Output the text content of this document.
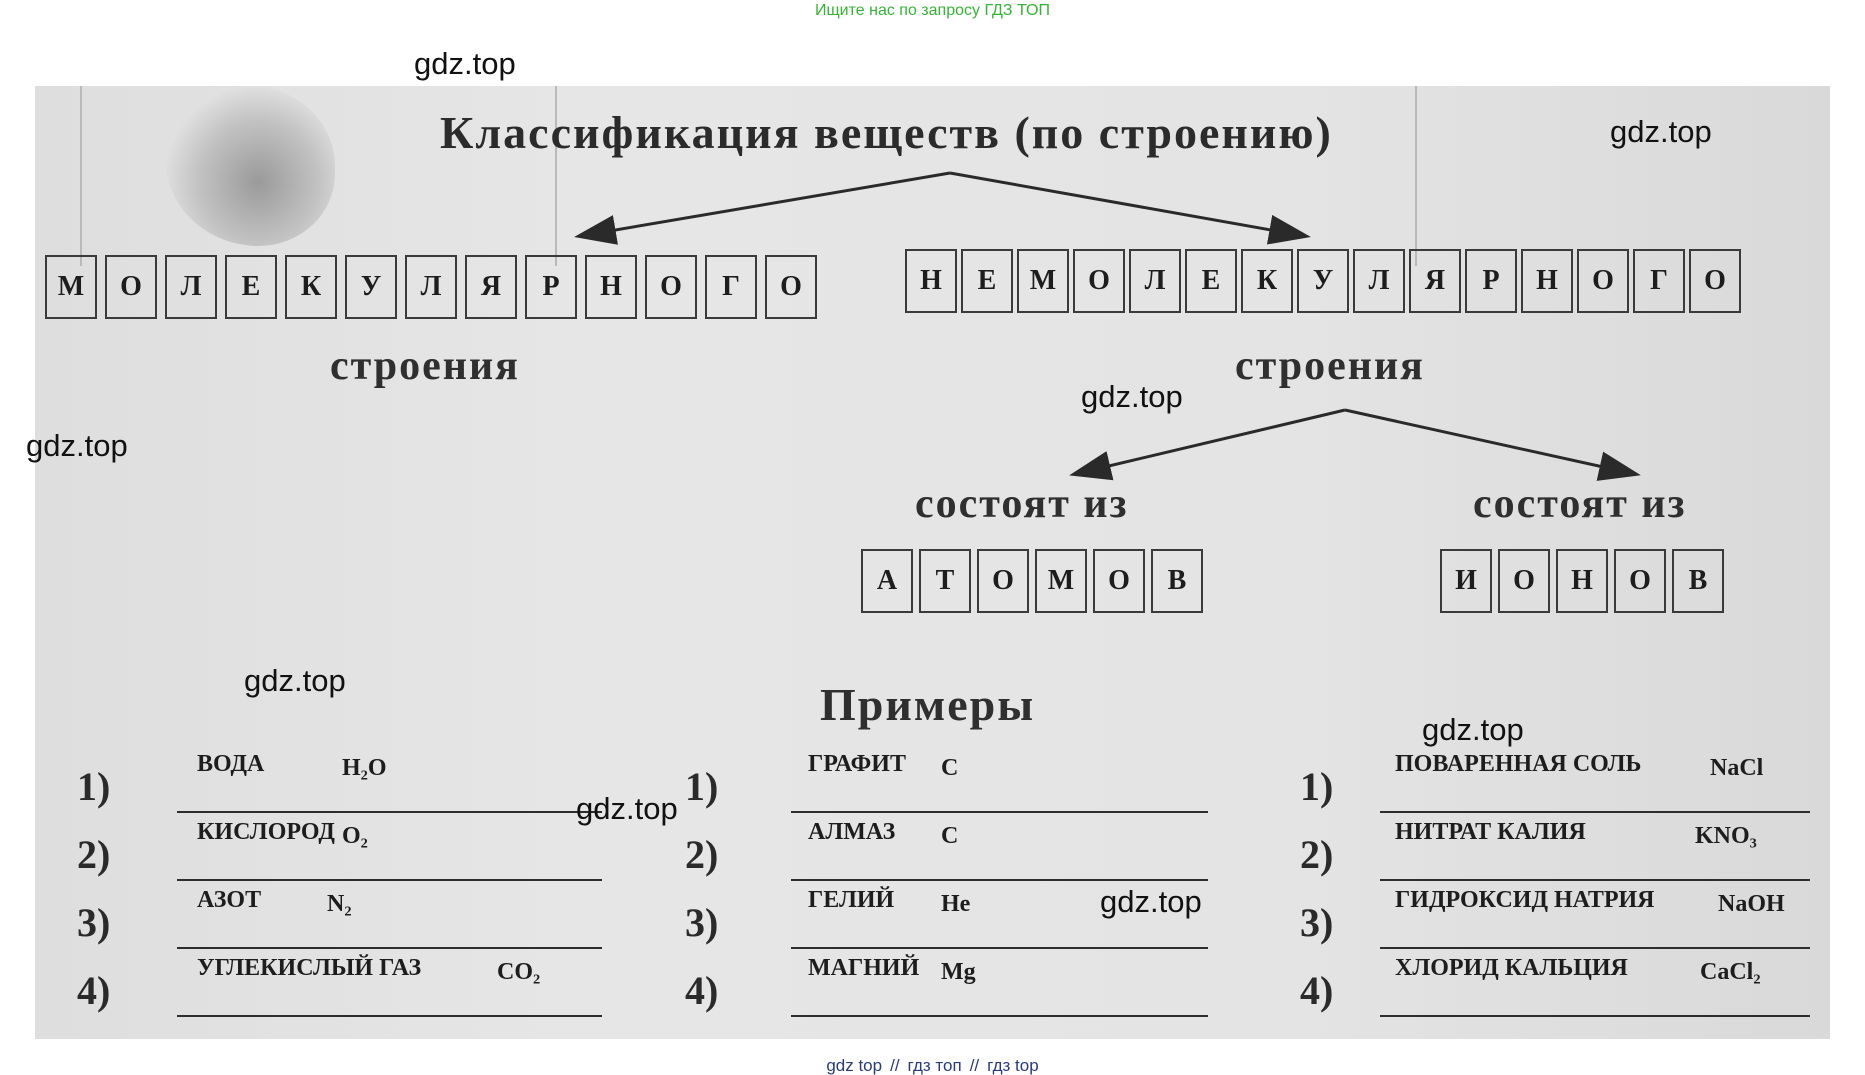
Ищите нас по запросу ГДЗ ТОП
Классификация веществ (по строению)
М	О	Л	Е	К	У	Л	Я	Р	Н	О	Г	О
строения
Н	Е	М	О	Л	Е	К	У	Л	Я	Р	Н	О	Г	О
строения
состоят из
А	Т	О	М	О	В
состоят из
И	О	Н	О	В
Примеры
1)	ВОДА	H₂O
2)	КИСЛОРОД O₂
3)	АЗОТ	N₂
4)	УГЛЕКИСЛЫЙ ГАЗ	CO₂
1)	ГРАФИТ C
2)	АЛМАЗ C
3)	ГЕЛИЙ He
4)	МАГНИЙ Mg
1)	ПОВАРЕННАЯ СОЛЬ	NaCl
2)	НИТРАТ КАЛИЯ	KNO₃
3)	ГИДРОКСИД НАТРИЯ	NaOH
4)	ХЛОРИД КАЛЬЦИЯ	CaCl₂
gdz.top
gdz.top
gdz.top
gdz.top
gdz.top
gdz.top
gdz.top
gdz.top
gdz top // гдз топ // гдз top
